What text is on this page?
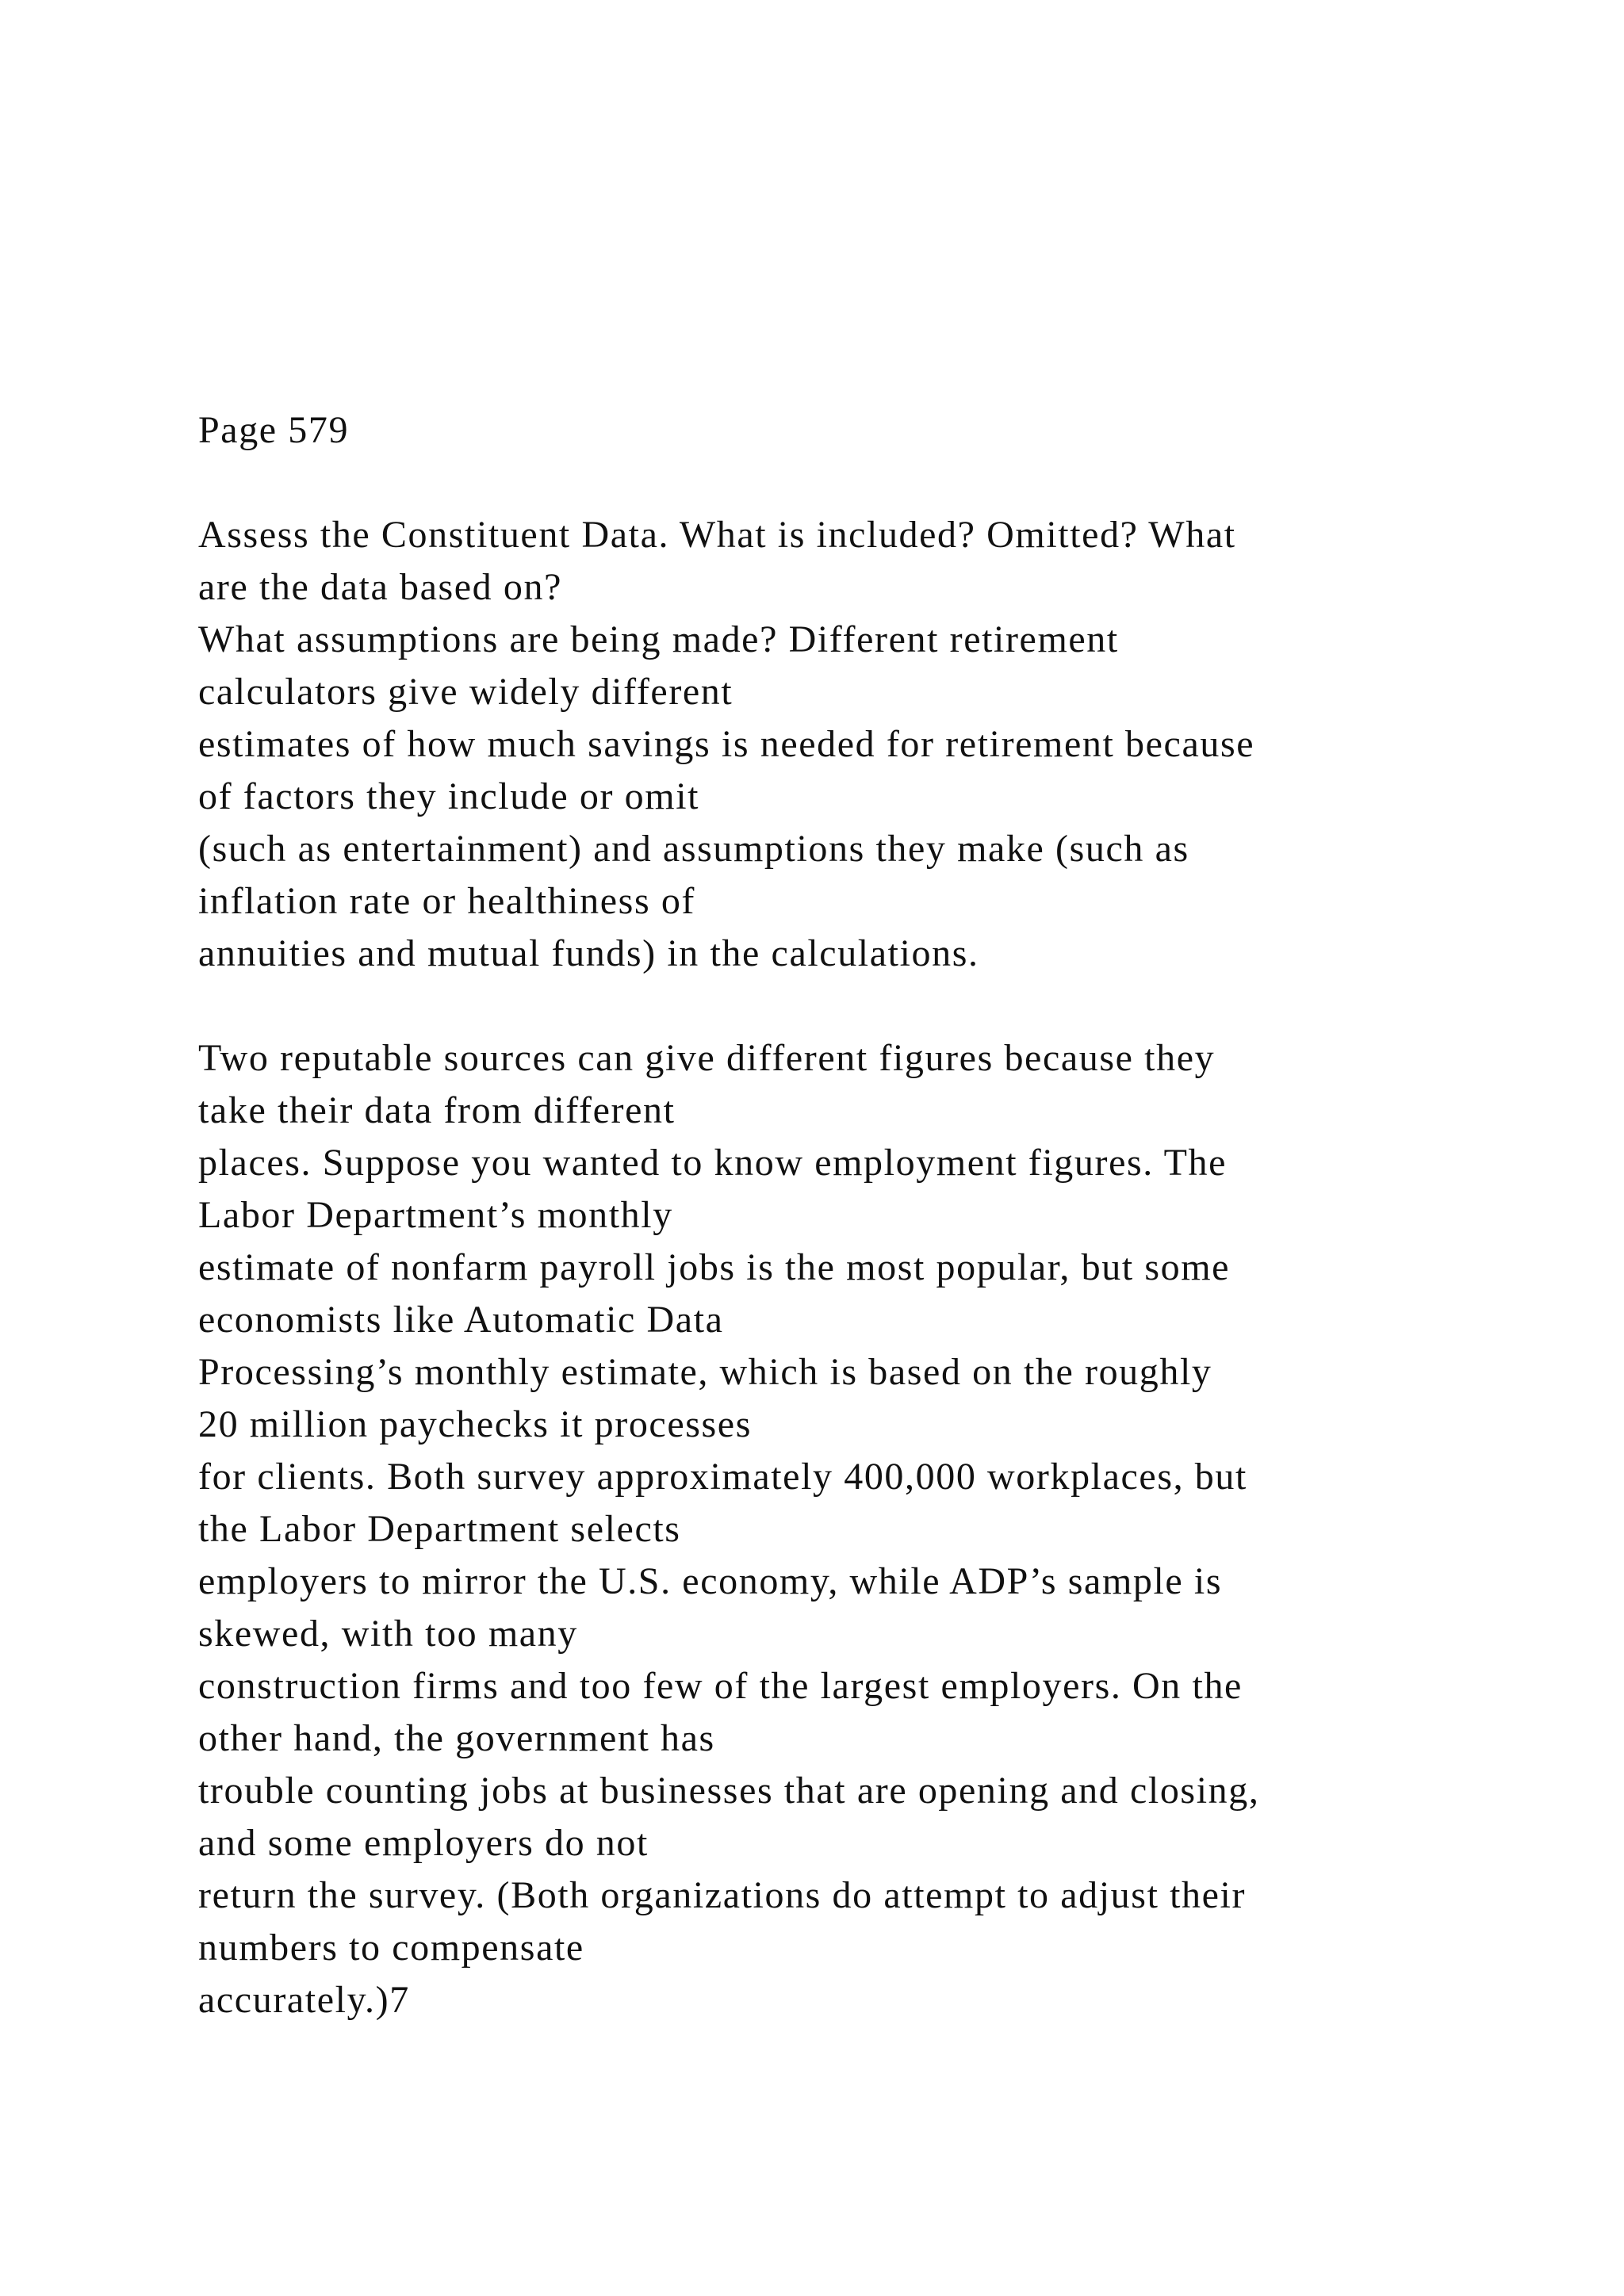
Page 579
Assess the Constituent Data. What is included? Omitted? What
are the data based on?
What assumptions are being made? Different retirement
calculators give widely different
estimates of how much savings is needed for retirement because
of factors they include or omit
(such as entertainment) and assumptions they make (such as
inflation rate or healthiness of
annuities and mutual funds) in the calculations.
Two reputable sources can give different figures because they
take their data from different
places. Suppose you wanted to know employment figures. The
Labor Department’s monthly
estimate of nonfarm payroll jobs is the most popular, but some
economists like Automatic Data
Processing’s monthly estimate, which is based on the roughly
20 million paychecks it processes
for clients. Both survey approximately 400,000 workplaces, but
the Labor Department selects
employers to mirror the U.S. economy, while ADP’s sample is
skewed, with too many
construction firms and too few of the largest employers. On the
other hand, the government has
trouble counting jobs at businesses that are opening and closing,
and some employers do not
return the survey. (Both organizations do attempt to adjust their
numbers to compensate
accurately.)7
